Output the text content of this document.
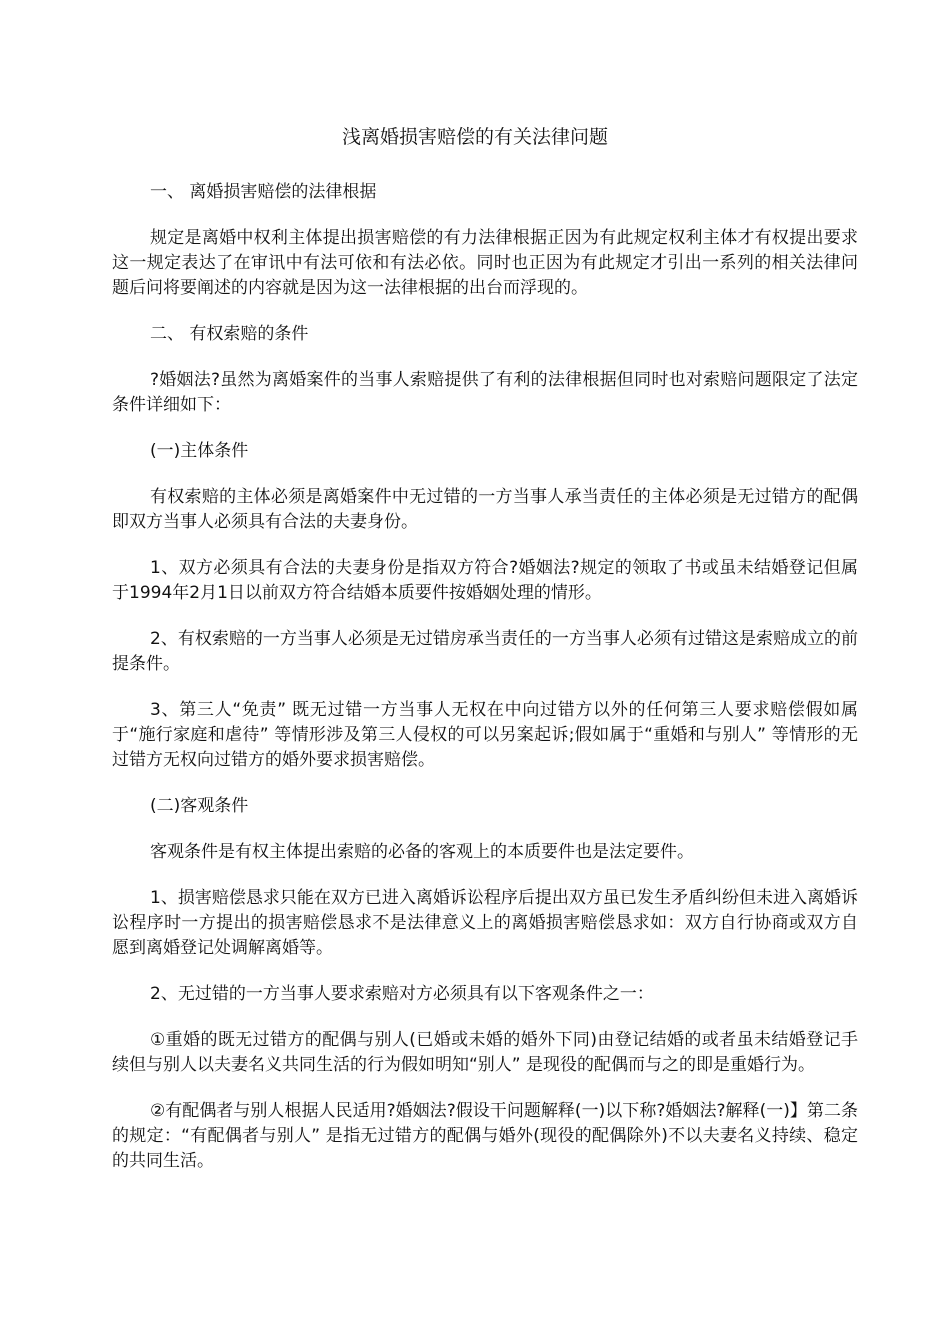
浅离婚损害赔偿的有关法律问题

一、 离婚损害赔偿的法律根据

规定是离婚中权利主体提出损害赔偿的有力法律根据正因为有此规定权利主体才有权提出要求这一规定表达了在审讯中有法可依和有法必依。同时也正因为有此规定才引出一系列的相关法律问题后问将要阐述的内容就是因为这一法律根据的出台而浮现的。

二、 有权索赔的条件

?婚姻法?虽然为离婚案件的当事人索赔提供了有利的法律根据但同时也对索赔问题限定了法定条件详细如下：

(一)主体条件

有权索赔的主体必须是离婚案件中无过错的一方当事人承当责任的主体必须是无过错方的配偶即双方当事人必须具有合法的夫妻身份。

1、双方必须具有合法的夫妻身份是指双方符合?婚姻法?规定的领取了书或虽未结婚登记但属于1994年2月1日以前双方符合结婚本质要件按婚姻处理的情形。

2、有权索赔的一方当事人必须是无过错房承当责任的一方当事人必须有过错这是索赔成立的前提条件。

3、第三人“免责” 既无过错一方当事人无权在中向过错方以外的任何第三人要求赔偿假如属于“施行家庭和虐待” 等情形涉及第三人侵权的可以另案起诉;假如属于“重婚和与别人” 等情形的无过错方无权向过错方的婚外要求损害赔偿。

(二)客观条件

客观条件是有权主体提出索赔的必备的客观上的本质要件也是法定要件。

1、损害赔偿恳求只能在双方已进入离婚诉讼程序后提出双方虽已发生矛盾纠纷但未进入离婚诉讼程序时一方提出的损害赔偿恳求不是法律意义上的离婚损害赔偿恳求如：双方自行协商或双方自愿到离婚登记处调解离婚等。

2、无过错的一方当事人要求索赔对方必须具有以下客观条件之一：

①重婚的既无过错方的配偶与别人(已婚或未婚的婚外下同)由登记结婚的或者虽未结婚登记手续但与别人以夫妻名义共同生活的行为假如明知“别人” 是现役的配偶而与之的即是重婚行为。

②有配偶者与别人根据人民适用?婚姻法?假设干问题解释(一)以下称?婚姻法?解释(一)】第二条的规定：“有配偶者与别人” 是指无过错方的配偶与婚外(现役的配偶除外)不以夫妻名义持续、稳定的共同生活。
